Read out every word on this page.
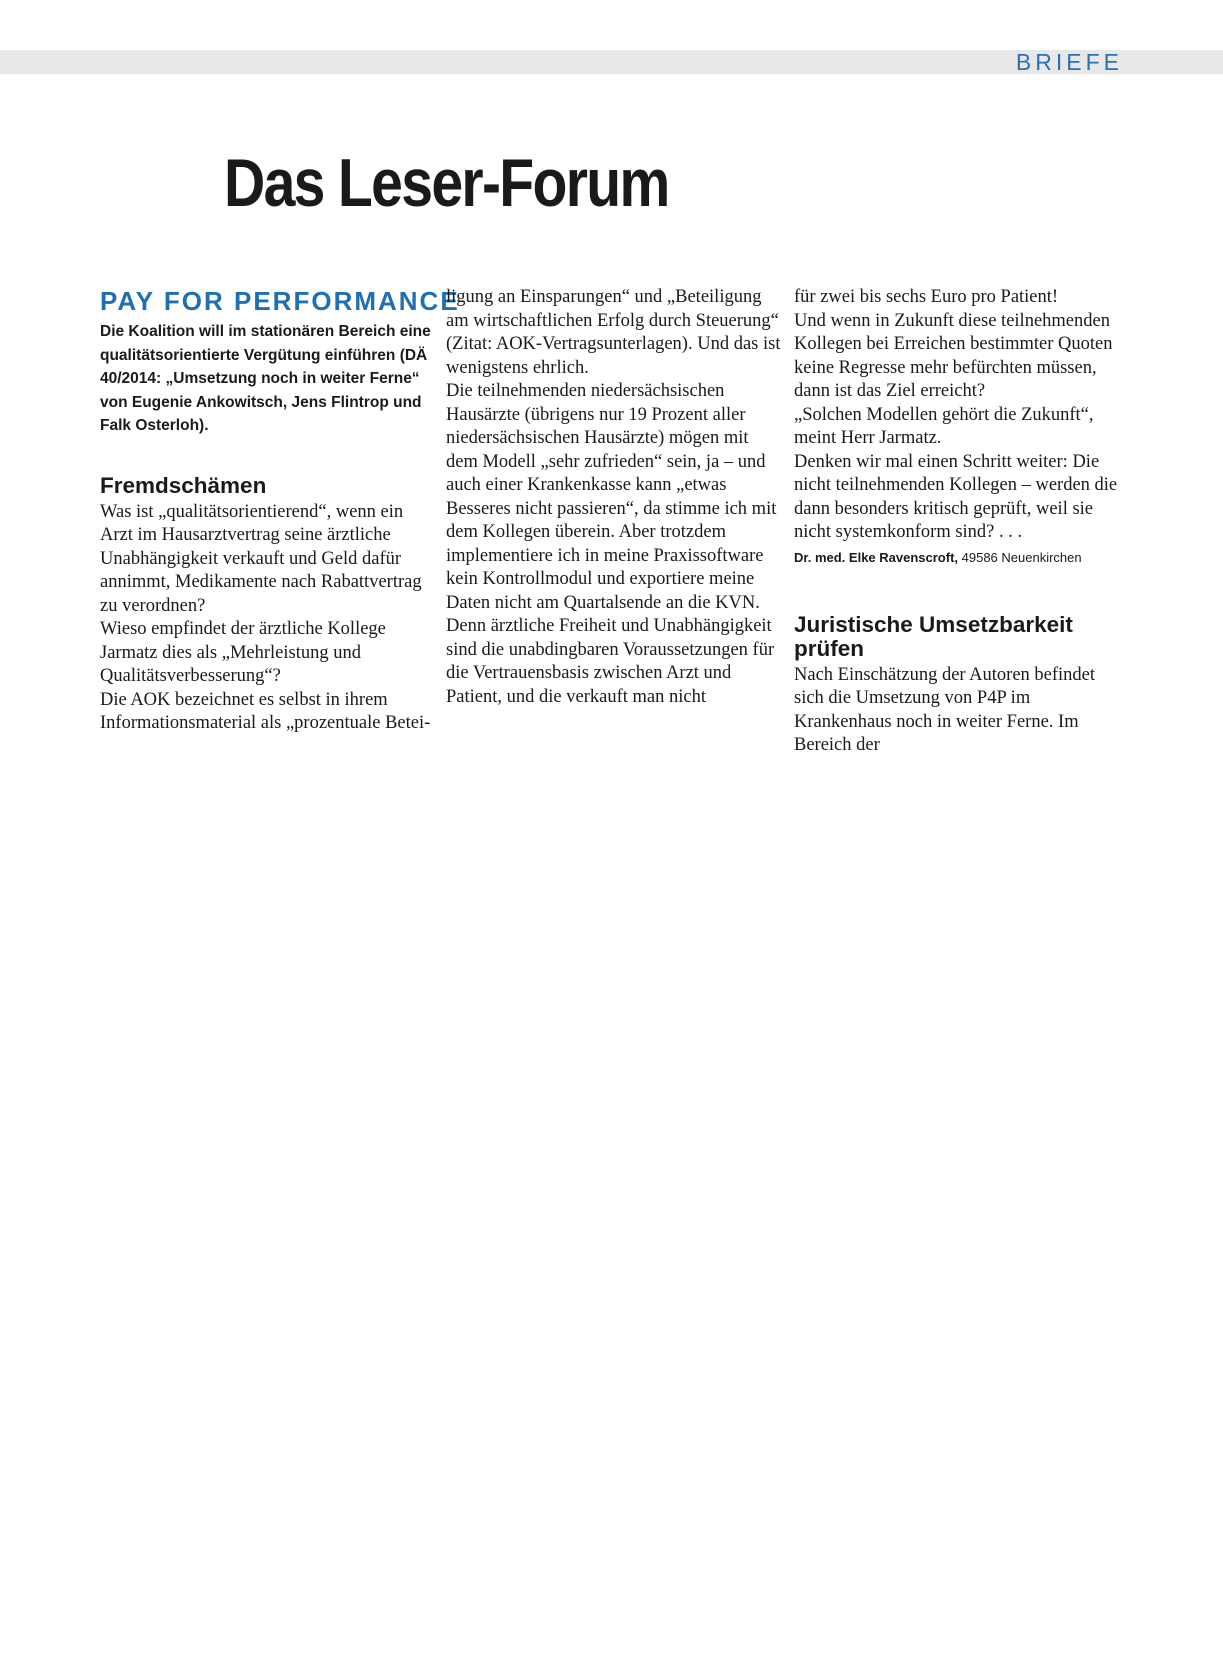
BRIEFE
Das Leser-Forum
PAY FOR PERFORMANCE

Die Koalition will im stationären Bereich eine qualitätsorientierte Vergütung einführen (DÄ 40/2014: „Umsetzung noch in weiter Ferne“ von Eugenie Ankowitsch, Jens Flintrop und Falk Osterloh).

Fremdschämen

Was ist „qualitätsorientierend“, wenn ein Arzt im Hausarztvertrag seine ärztliche Unabhängigkeit verkauft und Geld dafür annimmt, Medikamente nach Rabattvertrag zu verordnen?

Wieso empfindet der ärztliche Kollege Jarmatz dies als „Mehrleistung und Qualitätsverbesserung“?

Die AOK bezeichnet es selbst in ihrem Informationsmaterial als „prozentuale Betei-

ligung an Einsparungen“ und „Beteiligung am wirtschaftlichen Erfolg durch Steuerung“ (Zitat: AOK-Vertragsunterlagen). Und das ist wenigstens ehrlich.

Die teilnehmenden niedersächsischen Hausärzte (übrigens nur 19 Prozent aller niedersächsischen Hausärzte) mögen mit dem Modell „sehr zufrieden“ sein, ja – und auch einer Krankenkasse kann „etwas Besseres nicht passieren“, da stimme ich mit dem Kollegen überein. Aber trotzdem implementiere ich in meine Praxissoftware kein Kontrollmodul und exportiere meine Daten nicht am Quartalsende an die KVN.

Denn ärztliche Freiheit und Unabhängigkeit sind die unabdingbaren Voraussetzungen für die Vertrauensbasis zwischen Arzt und Patient, und die verkauft man nicht

für zwei bis sechs Euro pro Patient!

Und wenn in Zukunft diese teilnehmenden Kollegen bei Erreichen bestimmter Quoten keine Regresse mehr befürchten müssen, dann ist das Ziel erreicht?

„Solchen Modellen gehört die Zukunft“, meint Herr Jarmatz.

Denken wir mal einen Schritt weiter: Die nicht teilnehmenden Kollegen – werden die dann besonders kritisch geprüft, weil sie nicht systemkonform sind? . . .

Dr. med. Elke Ravenscroft, 49586 Neuenkirchen

Juristische Umsetzbarkeit prüfen

Nach Einschätzung der Autoren befindet sich die Umsetzung von P4P im Krankenhaus noch in weiter Ferne. Im Bereich der
